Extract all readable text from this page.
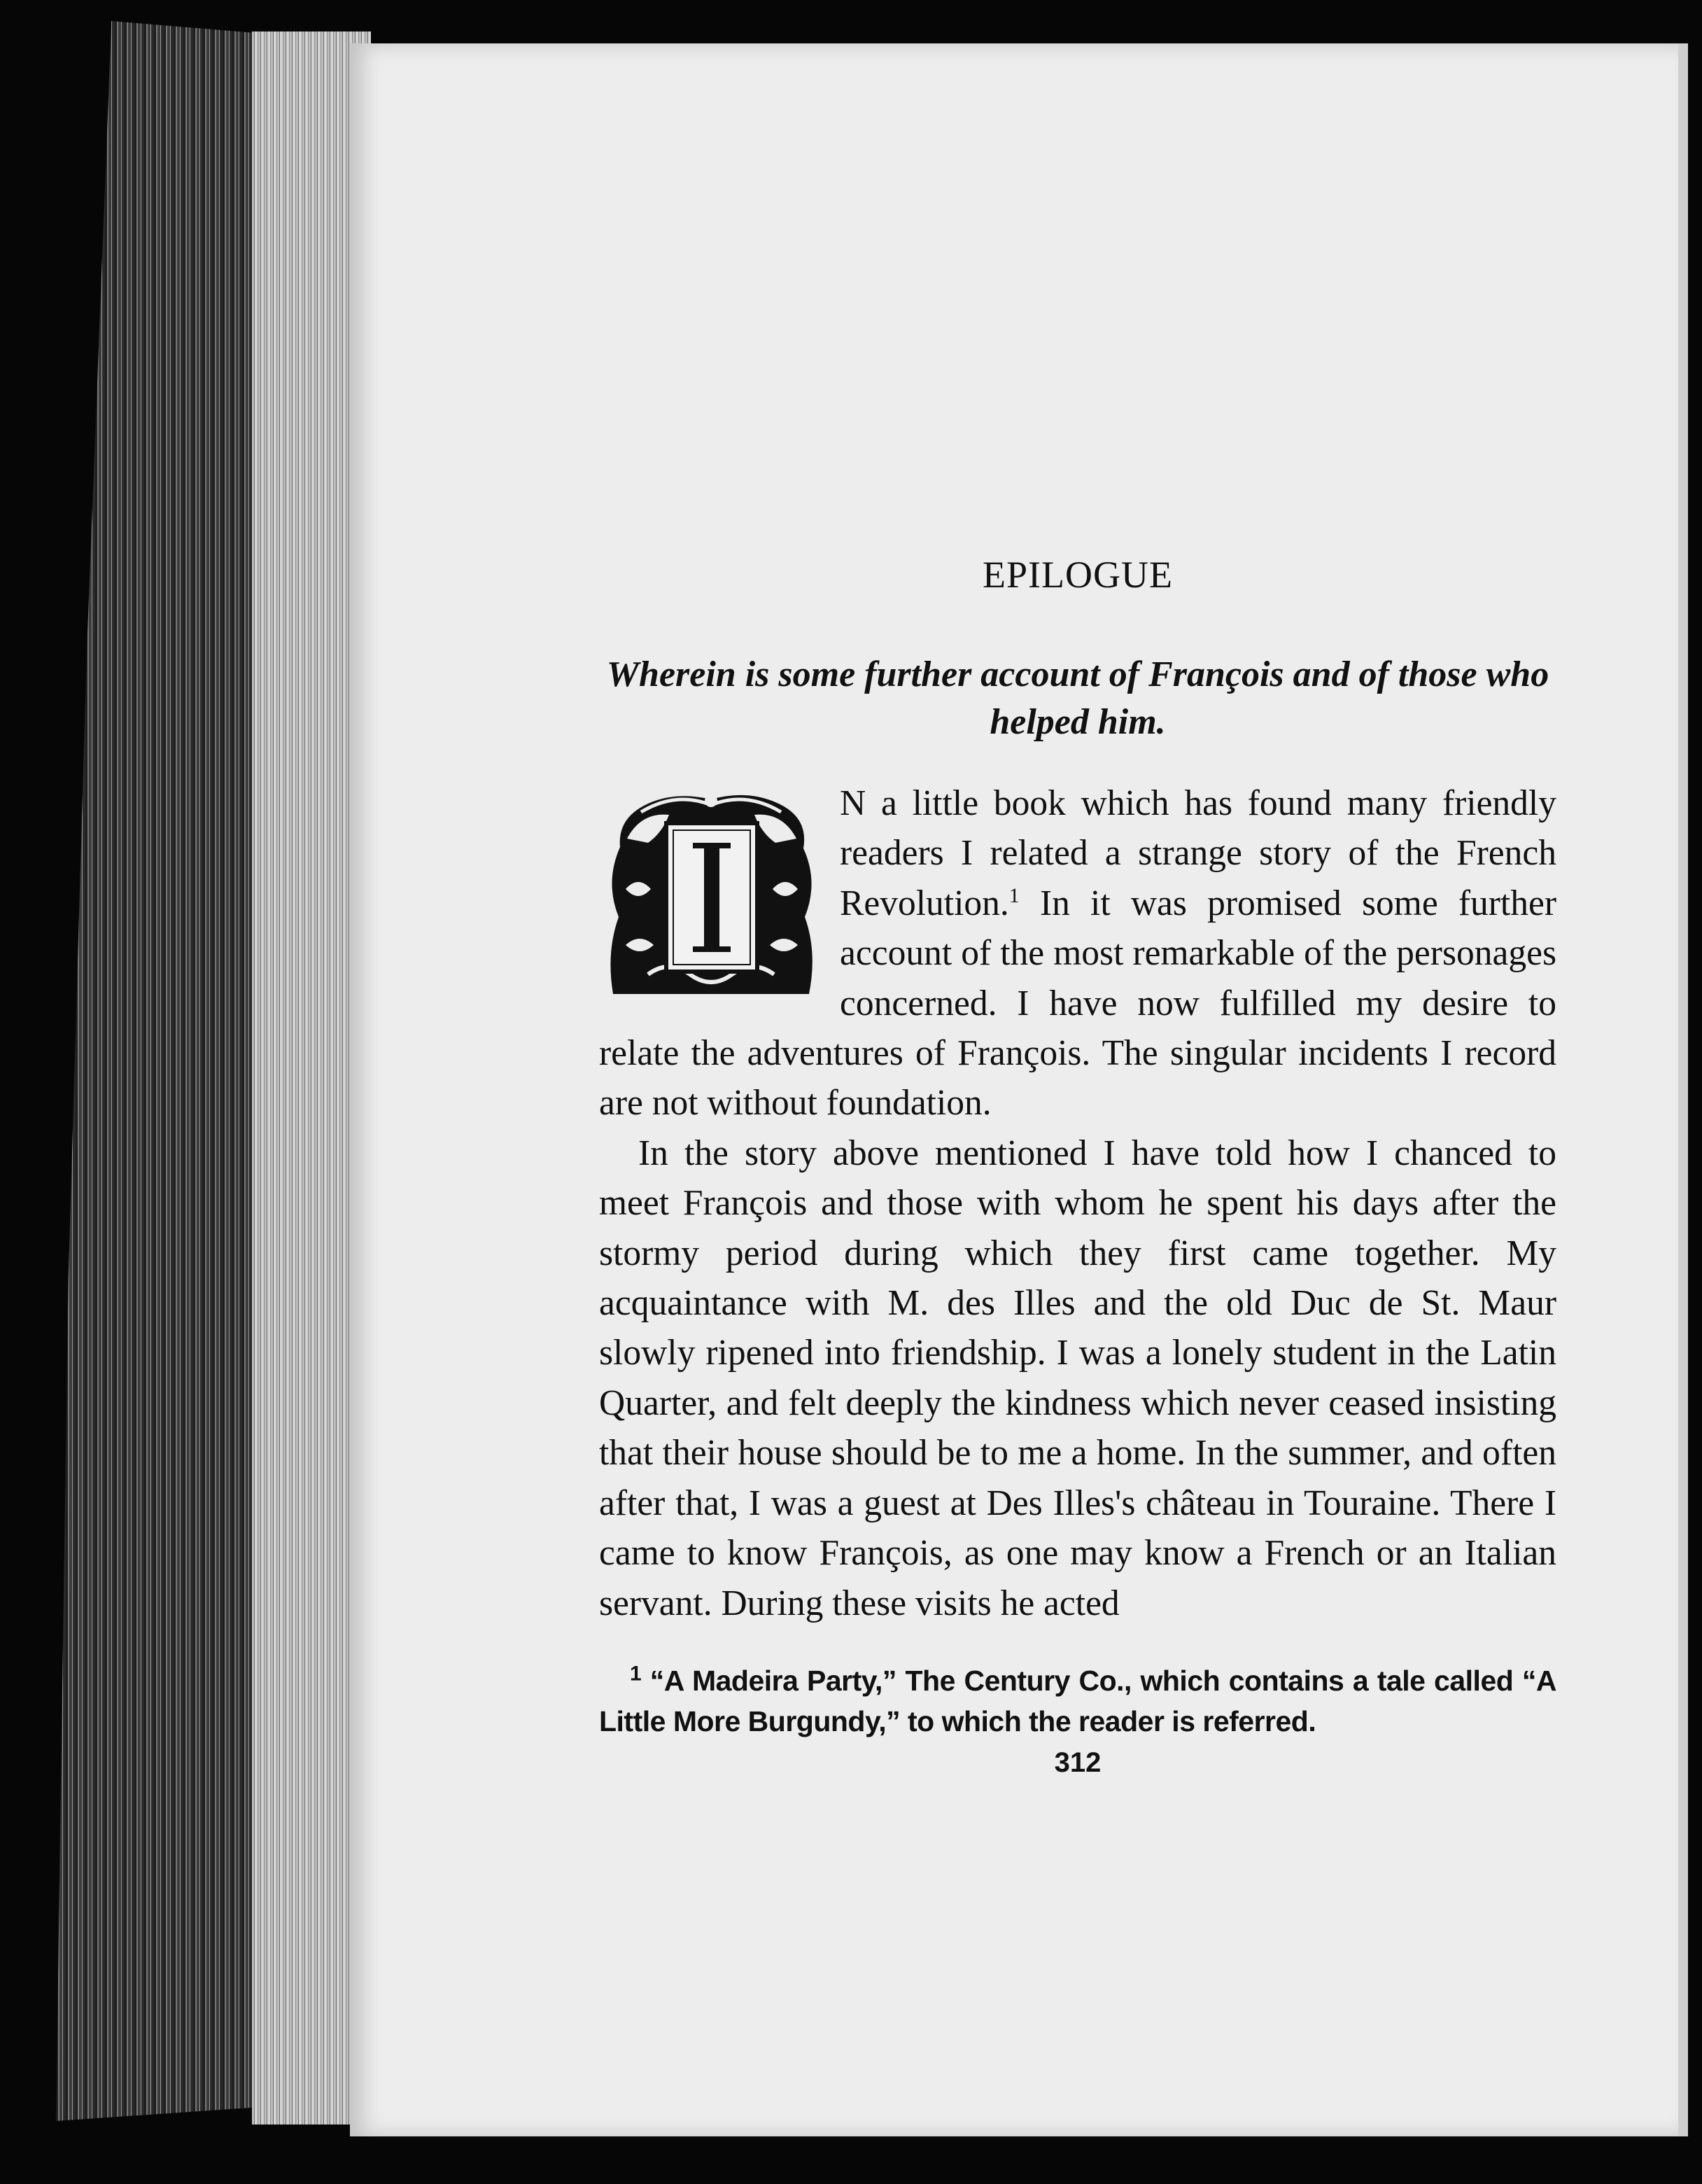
EPILOGUE

Wherein is some further account of François and of those who helped him.

N a little book which has found many friendly readers I related a strange story of the French Revolution.$^1$ In it was promised some further account of the most remarkable of the personages concerned. I have now fulfilled my desire to relate the adventures of François. The singular incidents I record are not without foundation.

In the story above mentioned I have told how I chanced to meet François and those with whom he spent his days after the stormy period during which they first came together. My acquaintance with M. des Illes and the old Duc de St. Maur slowly ripened into friendship. I was a lonely student in the Latin Quarter, and felt deeply the kindness which never ceased insisting that their house should be to me a home. In the summer, and often after that, I was a guest at Des Illes's château in Touraine. There I came to know François, as one may know a French or an Italian servant. During these visits he acted

$^1$ “A Madeira Party,” The Century Co., which contains a tale called “A Little More Burgundy,” to which the reader is referred.
312
